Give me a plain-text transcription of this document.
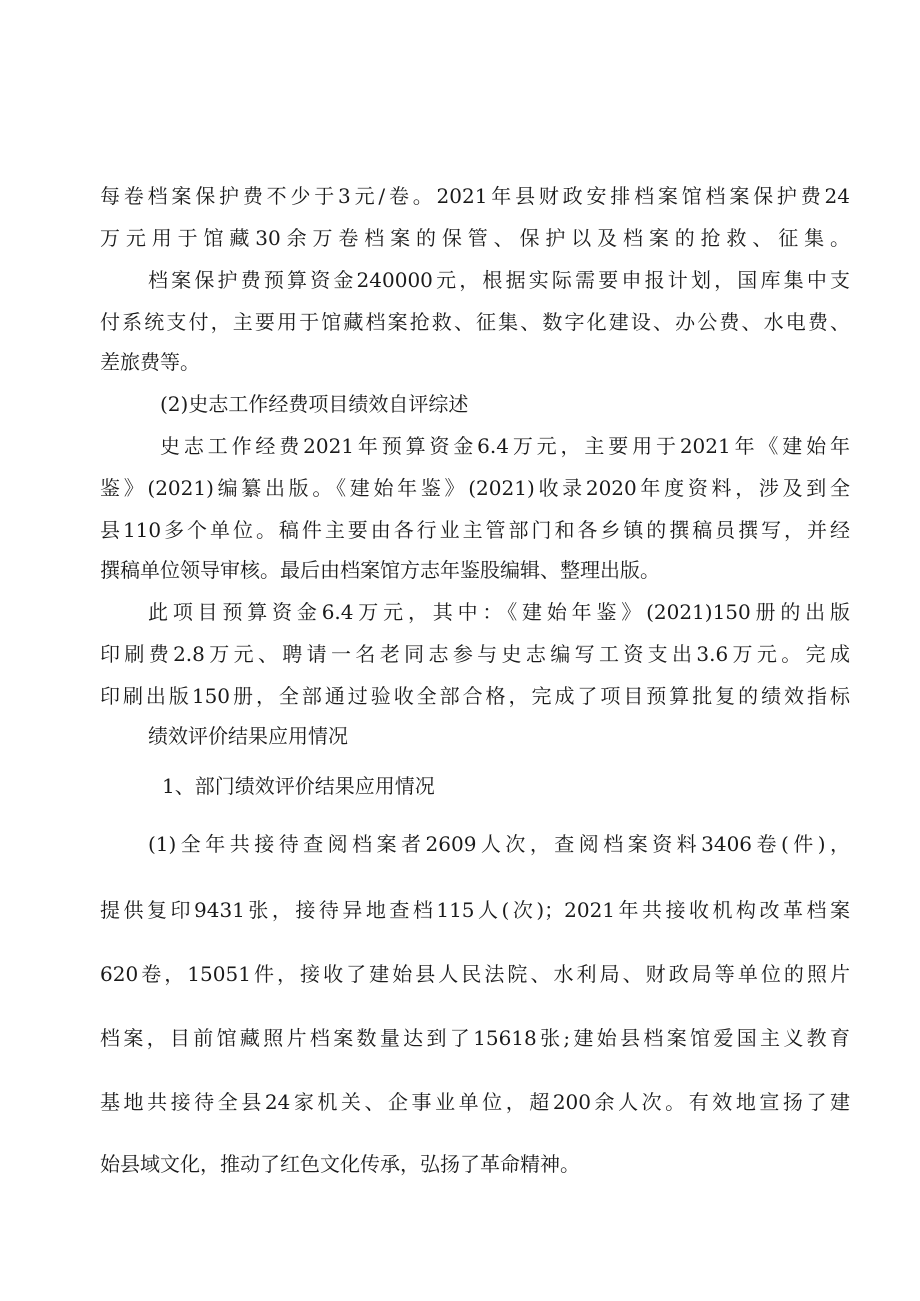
每卷档案保护费不少于3元/卷。2021年县财政安排档案馆档案保护费24
万元用于馆藏30余万卷档案的保管、保护以及档案的抢救、征集。
档案保护费预算资金240000元，根据实际需要申报计划，国库集中支
付系统支付，主要用于馆藏档案抢救、征集、数字化建设、办公费、水电费、
差旅费等。
(2)史志工作经费项目绩效自评综述
史志工作经费2021年预算资金6.4万元，主要用于2021年《建始年
鉴》(2021)编纂出版。《建始年鉴》(2021)收录2020年度资料，涉及到全
县110多个单位。稿件主要由各行业主管部门和各乡镇的撰稿员撰写，并经
撰稿单位领导审核。最后由档案馆方志年鉴股编辑、整理出版。
此项目预算资金6.4万元，其中：《建始年鉴》(2021)150册的出版
印刷费2.8万元、聘请一名老同志参与史志编写工资支出3.6万元。完成
印刷出版150册，全部通过验收全部合格，完成了项目预算批复的绩效指标
绩效评价结果应用情况
1、部门绩效评价结果应用情况
(1)全年共接待查阅档案者2609人次，查阅档案资料3406卷(件)，
提供复印9431张，接待异地查档115人(次)；2021年共接收机构改革档案
620卷，15051件，接收了建始县人民法院、水利局、财政局等单位的照片
档案，目前馆藏照片档案数量达到了15618张;建始县档案馆爱国主义教育
基地共接待全县24家机关、企事业单位，超200余人次。有效地宣扬了建
始县域文化，推动了红色文化传承，弘扬了革命精神。
